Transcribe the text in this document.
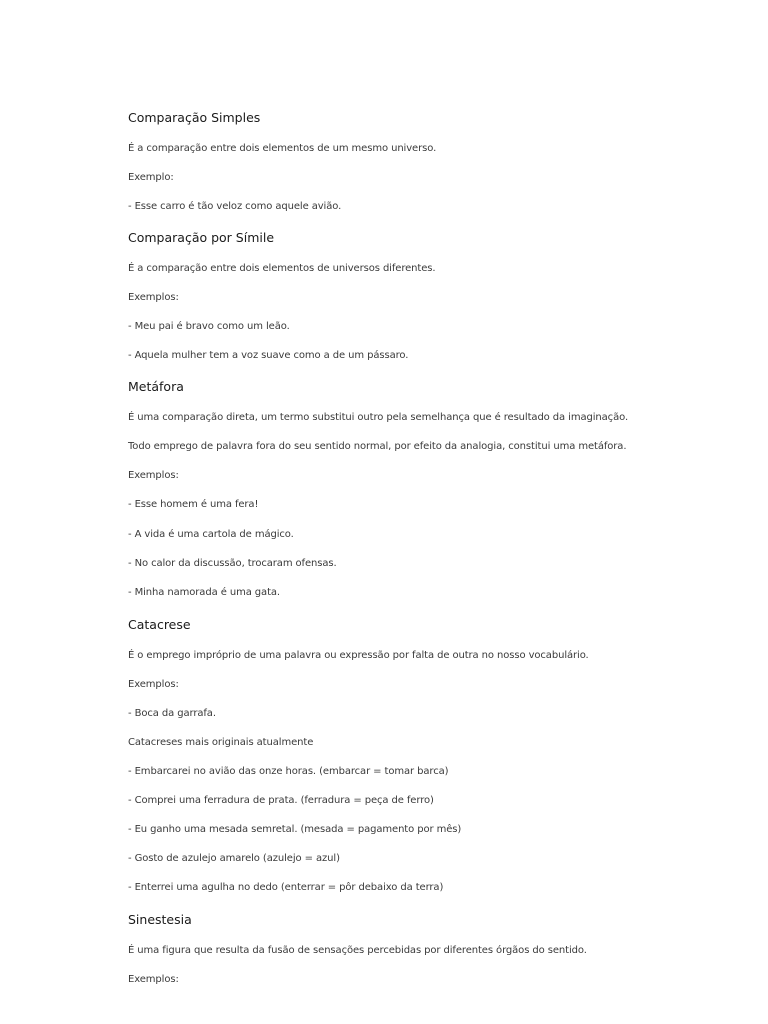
Comparação Simples

É a comparação entre dois elementos de um mesmo universo.

Exemplo:

- Esse carro é tão veloz como aquele avião.

Comparação por Símile

É a comparação entre dois elementos de universos diferentes.

Exemplos:

- Meu pai é bravo como um leão.

- Aquela mulher tem a voz suave como a de um pássaro.

Metáfora

É uma comparação direta, um termo substitui outro pela semelhança que é resultado da imaginação.

Todo emprego de palavra fora do seu sentido normal, por efeito da analogia, constitui uma metáfora.

Exemplos:

- Esse homem é uma fera!

- A vida é uma cartola de mágico.

- No calor da discussão, trocaram ofensas.

- Minha namorada é uma gata.

Catacrese

É o emprego impróprio de uma palavra ou expressão por falta de outra no nosso vocabulário.

Exemplos:

- Boca da garrafa.

Catacreses mais originais atualmente

- Embarcarei no avião das onze horas. (embarcar = tomar barca)

- Comprei uma ferradura de prata. (ferradura = peça de ferro)

- Eu ganho uma mesada semretal. (mesada = pagamento por mês)

- Gosto de azulejo amarelo (azulejo = azul)

- Enterrei uma agulha no dedo (enterrar = pôr debaixo da terra)

Sinestesia

É uma figura que resulta da fusão de sensações percebidas por diferentes órgãos do sentido.

Exemplos:
